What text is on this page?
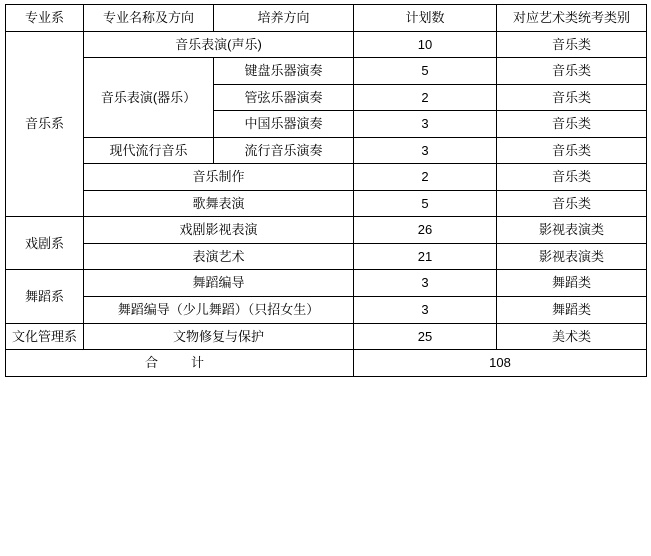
专业系	专业名称及方向	培养方向	计划数	对应艺术类统考类别
音乐系	音乐表演(声乐)		10	音乐类
	音乐表演(器乐）	键盘乐器演奏	5	音乐类
		管弦乐器演奏	2	音乐类
		中国乐器演奏	3	音乐类
	现代流行音乐	流行音乐演奏	3	音乐类
	音乐制作		2	音乐类
	歌舞表演		5	音乐类
戏剧系	戏剧影视表演		26	影视表演类
	表演艺术		21	影视表演类
舞蹈系	舞蹈编导		3	舞蹈类
	舞蹈编导（少儿舞蹈）（只招女生）		3	舞蹈类
文化管理系	文物修复与保护		25	美术类
合　计			108	
